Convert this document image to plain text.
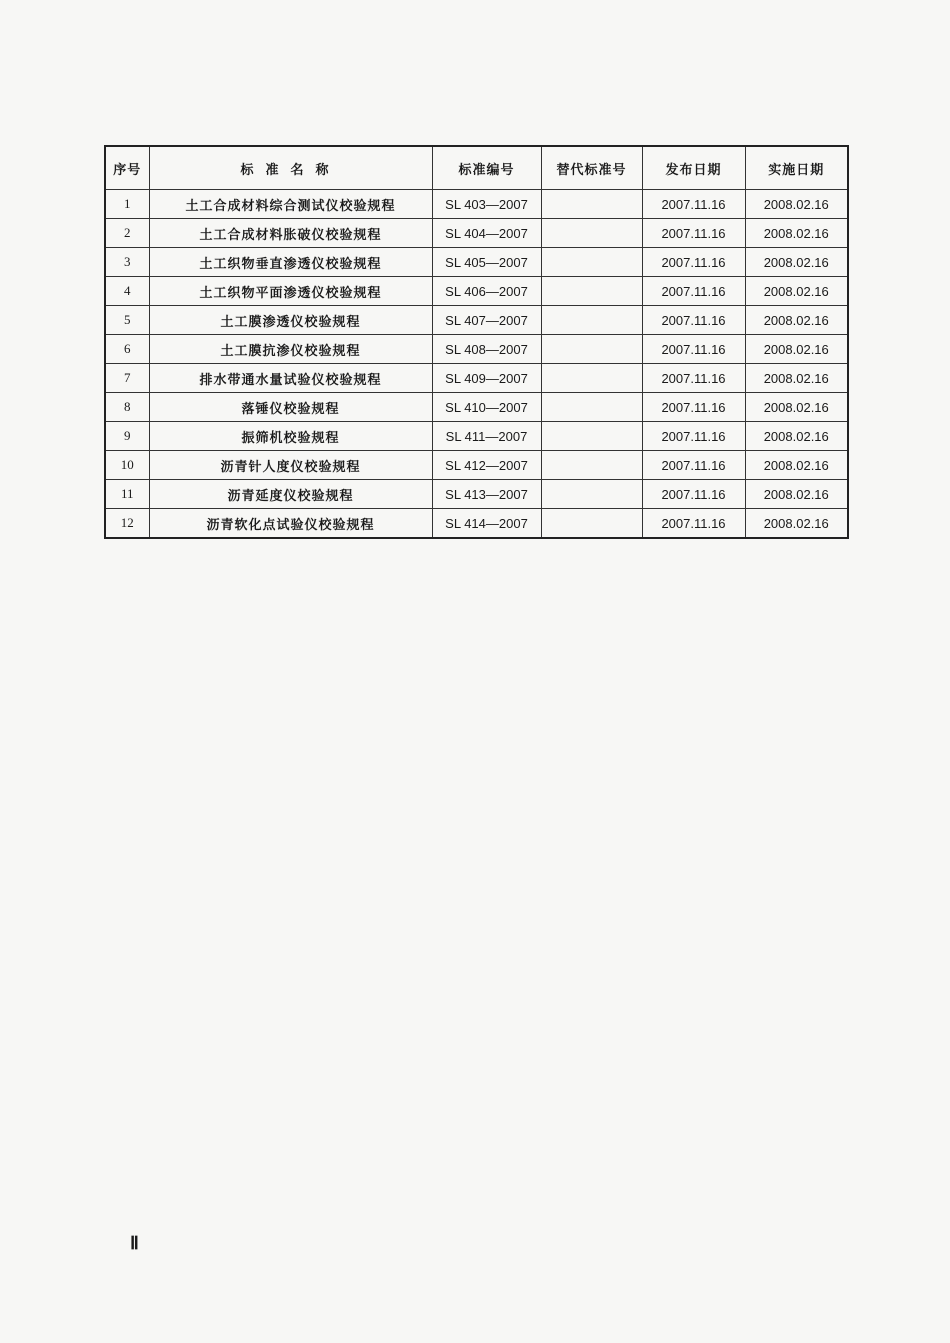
序号	标准名称	标准编号	替代标准号	发布日期	实施日期
1	土工合成材料综合测试仪校验规程	SL 403—2007		2007.11.16	2008.02.16
2	土工合成材料胀破仪校验规程	SL 404—2007		2007.11.16	2008.02.16
3	土工织物垂直渗透仪校验规程	SL 405—2007		2007.11.16	2008.02.16
4	土工织物平面渗透仪校验规程	SL 406—2007		2007.11.16	2008.02.16
5	土工膜渗透仪校验规程	SL 407—2007		2007.11.16	2008.02.16
6	土工膜抗渗仪校验规程	SL 408—2007		2007.11.16	2008.02.16
7	排水带通水量试验仪校验规程	SL 409—2007		2007.11.16	2008.02.16
8	落锤仪校验规程	SL 410—2007		2007.11.16	2008.02.16
9	振筛机校验规程	SL 411—2007		2007.11.16	2008.02.16
10	沥青针人度仪校验规程	SL 412—2007		2007.11.16	2008.02.16
11	沥青延度仪校验规程	SL 413—2007		2007.11.16	2008.02.16
12	沥青软化点试验仪校验规程	SL 414—2007		2007.11.16	2008.02.16
Ⅱ
